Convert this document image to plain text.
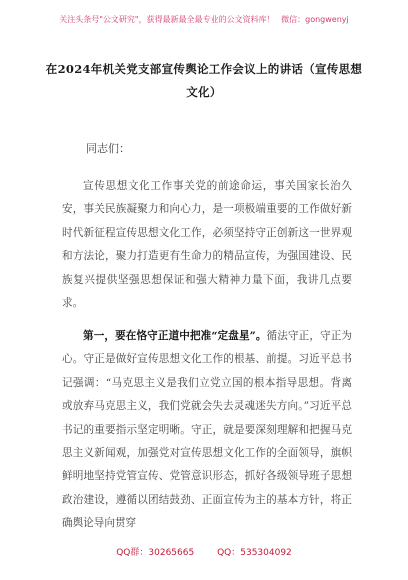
关注头条号"公文研究"，获得最新最全最专业的公文资料库！ 微信：gongwenyj
在2024年机关党支部宣传舆论工作会议上的讲话（宣传思想文化）
同志们：
宣传思想文化工作事关党的前途命运，事关国家长治久安，事关民族凝聚力和向心力，是一项极端重要的工作做好新时代新征程宣传思想文化工作，必须坚持守正创新这一世界观和方法论，聚力打造更有生命力的精品宣传，为强国建设、民族复兴提供坚强思想保证和强大精神力量下面，我讲几点要求。
第一，要在恪守正道中把准“定盘星”。循法守正，守正为心。守正是做好宣传思想文化工作的根基、前提。习近平总书记强调：“马克思主义是我们立党立国的根本指导思想。背离或放弃马克思主义，我们党就会失去灵魂迷失方向。”习近平总书记的重要指示坚定明晰。守正，就是要深刻理解和把握马克思主义新闻观，加强党对宣传思想文化工作的全面领导，旗帜鲜明地坚持党管宣传、党管意识形态，抓好各级领导班子思想政治建设，遵循以团结鼓劲、正面宣传为主的基本方针，将正确舆论导向贯穿
QQ群：30265665	QQ：535304092
